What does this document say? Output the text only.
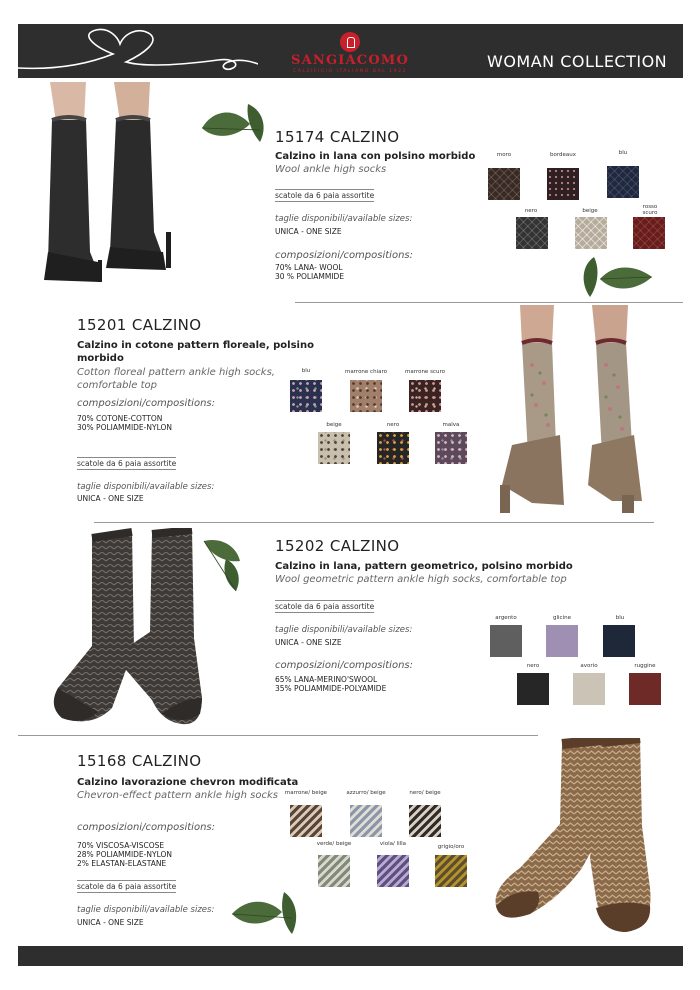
SANGIACOMO
CALZIFICIO ITALIANO DAL 1922
WOMAN COLLECTION
15174 CALZINO
Calzino in lana con polsino morbido
Wool ankle high socks
scatole da 6 paia assortite
taglie disponibili/available sizes:
UNICA - ONE SIZE
composizioni/compositions:
70% LANA- WOOL
30 % POLIAMMIDE
moro	bordeaux	blu
nero	beige
rosso scuro
15201 CALZINO
Calzino in cotone pattern floreale, polsino
morbido
Cotton floreal pattern ankle high socks,
comfortable top
composizioni/compositions:
70% COTONE-COTTON
30% POLIAMMIDE-NYLON
scatole da 6 paia assortite
taglie disponibili/available sizes:
UNICA - ONE SIZE
blu	marrone chiaro	marrone scuro
beige	nero	malva
15202 CALZINO
Calzino in lana, pattern geometrico, polsino morbido
Wool geometric pattern ankle high socks, comfortable top
scatole da 6 paia assortite
taglie disponibili/available sizes:
UNICA - ONE SIZE
composizioni/compositions:
65% LANA-MERINO'SWOOL
35% POLIAMMIDE-POLYAMIDE
argento	glicine	blu
nero	avorio	ruggine
15168 CALZINO
Calzino lavorazione chevron modificata
Chevron-effect pattern ankle high socks
composizioni/compositions:
70% VISCOSA-VISCOSE
28% POLIAMMIDE-NYLON
2% ELASTAN-ELASTANE
scatole da 6 paia assortite
taglie disponibili/available sizes:
UNICA - ONE SIZE
marrone/ beige	azzurro/ beige	nero/ beige
verde/ beige	viola/ lilla	grigio/oro
